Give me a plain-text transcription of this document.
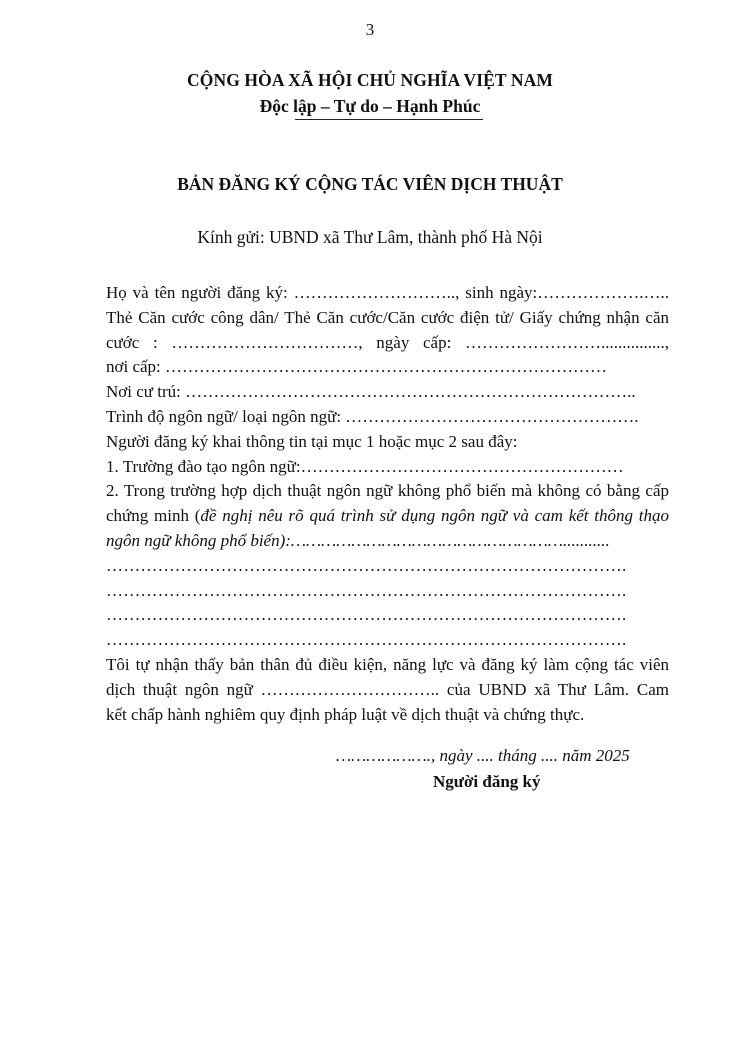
3
CỘNG HÒA XÃ HỘI CHỦ NGHĨA VIỆT NAM
Độc lập – Tự do – Hạnh Phúc
BẢN ĐĂNG KÝ CỘNG TÁC VIÊN DỊCH THUẬT
Kính gửi: UBND xã Thư Lâm, thành phố Hà Nội
Họ và tên người đăng ký: ……………………….., sinh ngày:……………….…..
Thẻ Căn cước công dân/ Thẻ Căn cước/Căn cước điện tử/ Giấy chứng nhận căn
cước : ……………………………, ngày cấp: ……………………...............,
nơi cấp: ……………………………………………………………………
Nơi cư trú: ……………………………………………………………………..
Trình độ ngôn ngữ/ loại ngôn ngữ: …………………………………………….
Người đăng ký khai thông tin tại mục 1 hoặc mục 2 sau đây:
1. Trường đào tạo ngôn ngữ:…………………………………………………
2. Trong trường hợp dịch thuật ngôn ngữ không phổ biến mà không có bằng cấp
chứng minh (đề nghị nêu rõ quá trình sử dụng ngôn ngữ và cam kết thông thạo
ngôn ngữ không phổ biến):………………………………………………...........
……………………………………………………………………………….
……………………………………………………………………………….
……………………………………………………………………………….
……………………………………………………………………………….
Tôi tự nhận thấy bản thân đủ điều kiện, năng lực và đăng ký làm cộng tác viên
dịch thuật ngôn ngữ ………………………….. của UBND xã Thư Lâm. Cam
kết chấp hành nghiêm quy định pháp luật về dịch thuật và chứng thực.
………………., ngày .... tháng .... năm 2025
Người đăng ký
